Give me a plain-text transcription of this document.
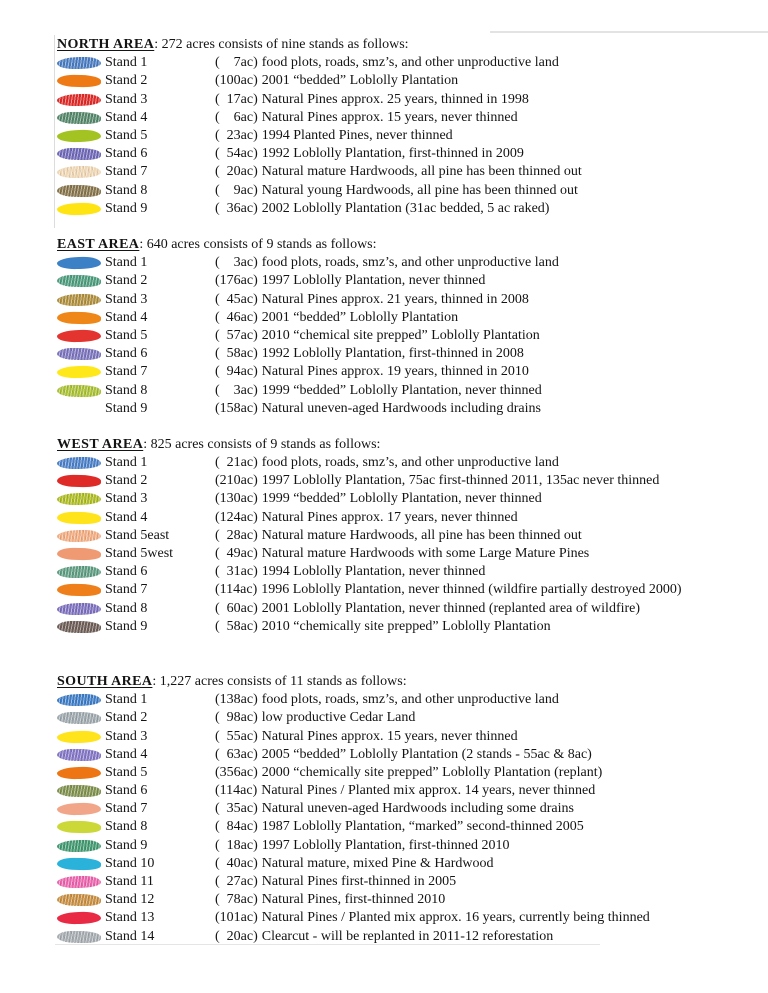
NORTH AREA: 272 acres consists of nine stands as follows:
Stand 1	(    7ac) food plots, roads, smz’s, and other unproductive land
Stand 2	(100ac) 2001 “bedded” Loblolly Plantation
Stand 3	(  17ac) Natural Pines approx. 25 years, thinned in 1998
Stand 4	(    6ac) Natural Pines approx. 15 years, never thinned
Stand 5	(  23ac) 1994 Planted Pines, never thinned
Stand 6	(  54ac) 1992 Loblolly Plantation, first-thinned in 2009
Stand 7	(  20ac) Natural mature Hardwoods, all pine has been thinned out
Stand 8	(    9ac) Natural young Hardwoods, all pine has been thinned out
Stand 9	(  36ac) 2002 Loblolly Plantation (31ac bedded, 5 ac raked)
EAST AREA: 640 acres consists of 9 stands as follows:
Stand 1	(    3ac) food plots, roads, smz’s, and other unproductive land
Stand 2	(176ac) 1997 Loblolly Plantation, never thinned
Stand 3	(  45ac) Natural Pines approx. 21 years, thinned in 2008
Stand 4	(  46ac) 2001 “bedded” Loblolly Plantation
Stand 5	(  57ac) 2010 “chemical site prepped” Loblolly Plantation
Stand 6	(  58ac) 1992 Loblolly Plantation, first-thinned in 2008
Stand 7	(  94ac) Natural Pines approx. 19 years, thinned in 2010
Stand 8	(    3ac) 1999 “bedded” Loblolly Plantation, never thinned
Stand 9	(158ac) Natural uneven-aged Hardwoods including drains
WEST AREA: 825 acres consists of 9 stands as follows:
Stand 1	(  21ac) food plots, roads, smz’s, and other unproductive land
Stand 2	(210ac) 1997 Loblolly Plantation, 75ac first-thinned 2011, 135ac never thinned
Stand 3	(130ac) 1999 “bedded” Loblolly Plantation, never thinned
Stand 4	(124ac) Natural Pines approx. 17 years, never thinned
Stand 5east	(  28ac) Natural mature Hardwoods, all pine has been thinned out
Stand 5west	(  49ac) Natural mature Hardwoods with some Large Mature Pines
Stand 6	(  31ac) 1994 Loblolly Plantation, never thinned
Stand 7	(114ac) 1996 Loblolly Plantation, never thinned (wildfire partially destroyed 2000)
Stand 8	(  60ac) 2001 Loblolly Plantation, never thinned (replanted area of wildfire)
Stand 9	(  58ac) 2010 “chemically site prepped” Loblolly Plantation
SOUTH AREA: 1,227 acres consists of 11 stands as follows:
Stand 1	(138ac) food plots, roads, smz’s, and other unproductive land
Stand 2	(  98ac) low productive Cedar Land
Stand 3	(  55ac) Natural Pines approx. 15 years, never thinned
Stand 4	(  63ac) 2005 “bedded” Loblolly Plantation (2 stands - 55ac & 8ac)
Stand 5	(356ac) 2000 “chemically site prepped” Loblolly Plantation (replant)
Stand 6	(114ac) Natural Pines / Planted mix approx. 14 years, never thinned
Stand 7	(  35ac) Natural uneven-aged Hardwoods including some drains
Stand 8	(  84ac) 1987 Loblolly Plantation, “marked” second-thinned 2005
Stand 9	(  18ac) 1997 Loblolly Plantation, first-thinned 2010
Stand 10	(  40ac) Natural mature, mixed Pine & Hardwood
Stand 11	(  27ac) Natural Pines first-thinned in 2005
Stand 12	(  78ac) Natural Pines, first-thinned 2010
Stand 13	(101ac) Natural Pines / Planted mix approx. 16 years, currently being thinned
Stand 14	(  20ac) Clearcut - will be replanted in 2011-12 reforestation
